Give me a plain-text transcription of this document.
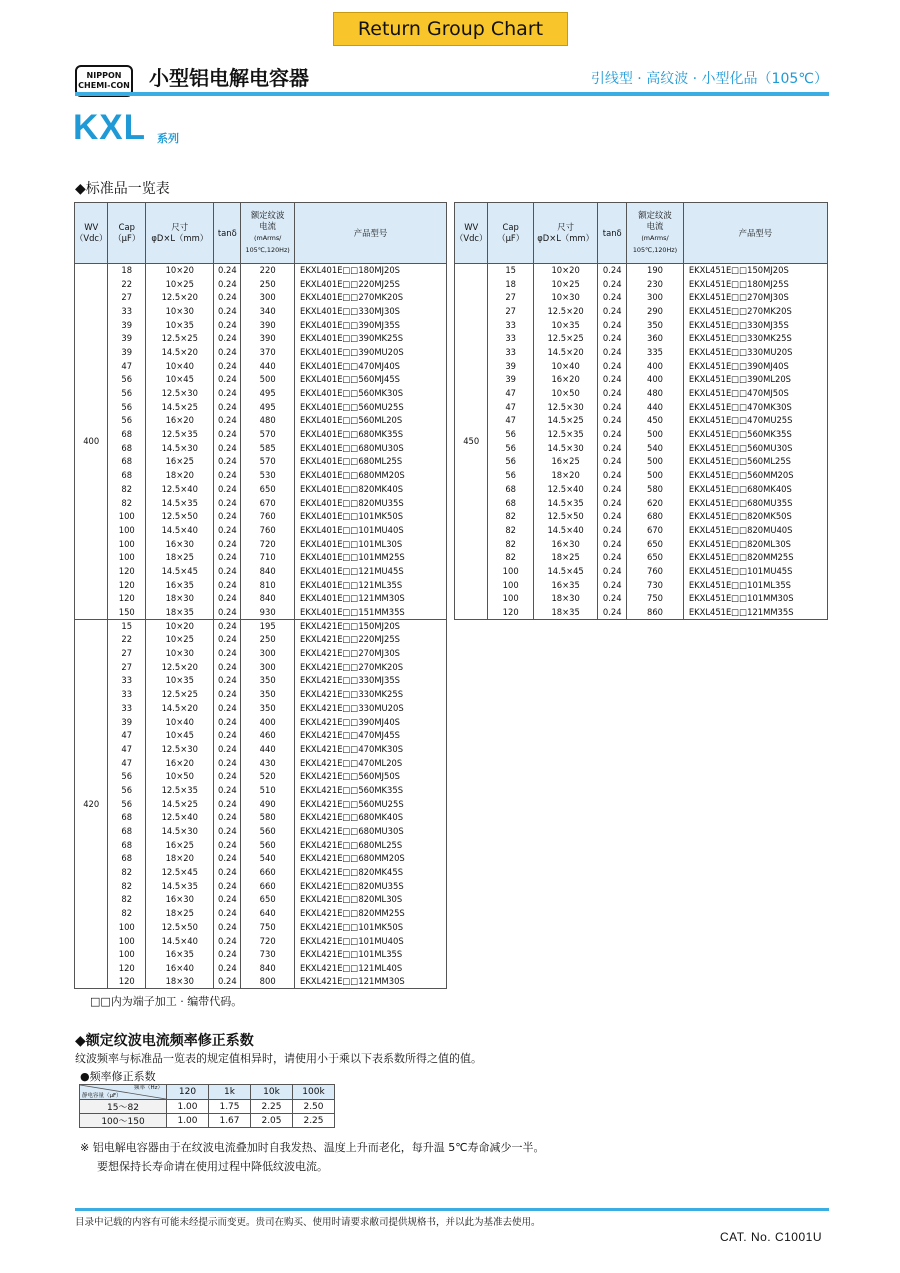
Return Group Chart
NIPPON
CHEMI-CON 小型铝电解电容器	引线型 · 高纹波 · 小型化品（105℃）
KXL 系列
◆标准品一览表
WV
（Vdc）	Cap
（μF）	尺寸
φD×L（mm）	tanδ	额定纹波
电流
(mArms/
105℃,120Hz)	产品型号
400	18	10×20	0.24	220	EKXL401E□□180MJ20S
	22	10×25	0.24	250	EKXL401E□□220MJ25S
	27	12.5×20	0.24	300	EKXL401E□□270MK20S
	33	10×30	0.24	340	EKXL401E□□330MJ30S
	39	10×35	0.24	390	EKXL401E□□390MJ35S
	39	12.5×25	0.24	390	EKXL401E□□390MK25S
	39	14.5×20	0.24	370	EKXL401E□□390MU20S
	47	10×40	0.24	440	EKXL401E□□470MJ40S
	56	10×45	0.24	500	EKXL401E□□560MJ45S
	56	12.5×30	0.24	495	EKXL401E□□560MK30S
	56	14.5×25	0.24	495	EKXL401E□□560MU25S
	56	16×20	0.24	480	EKXL401E□□560ML20S
	68	12.5×35	0.24	570	EKXL401E□□680MK35S
	68	14.5×30	0.24	585	EKXL401E□□680MU30S
	68	16×25	0.24	570	EKXL401E□□680ML25S
	68	18×20	0.24	530	EKXL401E□□680MM20S
	82	12.5×40	0.24	650	EKXL401E□□820MK40S
	82	14.5×35	0.24	670	EKXL401E□□820MU35S
	100	12.5×50	0.24	760	EKXL401E□□101MK50S
	100	14.5×40	0.24	760	EKXL401E□□101MU40S
	100	16×30	0.24	720	EKXL401E□□101ML30S
	100	18×25	0.24	710	EKXL401E□□101MM25S
	120	14.5×45	0.24	840	EKXL401E□□121MU45S
	120	16×35	0.24	810	EKXL401E□□121ML35S
	120	18×30	0.24	840	EKXL401E□□121MM30S
	150	18×35	0.24	930	EKXL401E□□151MM35S
420	15	10×20	0.24	195	EKXL421E□□150MJ20S
	22	10×25	0.24	250	EKXL421E□□220MJ25S
	27	10×30	0.24	300	EKXL421E□□270MJ30S
	27	12.5×20	0.24	300	EKXL421E□□270MK20S
	33	10×35	0.24	350	EKXL421E□□330MJ35S
	33	12.5×25	0.24	350	EKXL421E□□330MK25S
	33	14.5×20	0.24	350	EKXL421E□□330MU20S
	39	10×40	0.24	400	EKXL421E□□390MJ40S
	47	10×45	0.24	460	EKXL421E□□470MJ45S
	47	12.5×30	0.24	440	EKXL421E□□470MK30S
	47	16×20	0.24	430	EKXL421E□□470ML20S
	56	10×50	0.24	520	EKXL421E□□560MJ50S
	56	12.5×35	0.24	510	EKXL421E□□560MK35S
	56	14.5×25	0.24	490	EKXL421E□□560MU25S
	68	12.5×40	0.24	580	EKXL421E□□680MK40S
	68	14.5×30	0.24	560	EKXL421E□□680MU30S
	68	16×25	0.24	560	EKXL421E□□680ML25S
	68	18×20	0.24	540	EKXL421E□□680MM20S
	82	12.5×45	0.24	660	EKXL421E□□820MK45S
	82	14.5×35	0.24	660	EKXL421E□□820MU35S
	82	16×30	0.24	650	EKXL421E□□820ML30S
	82	18×25	0.24	640	EKXL421E□□820MM25S
	100	12.5×50	0.24	750	EKXL421E□□101MK50S
	100	14.5×40	0.24	720	EKXL421E□□101MU40S
	100	16×35	0.24	730	EKXL421E□□101ML35S
	120	16×40	0.24	840	EKXL421E□□121ML40S
	120	18×30	0.24	800	EKXL421E□□121MM30S
WV
（Vdc）	Cap
（μF）	尺寸
φD×L（mm）	tanδ	额定纹波
电流
(mArms/
105℃,120Hz)	产品型号
450	15	10×20	0.24	190	EKXL451E□□150MJ20S
	18	10×25	0.24	230	EKXL451E□□180MJ25S
	27	10×30	0.24	300	EKXL451E□□270MJ30S
	27	12.5×20	0.24	290	EKXL451E□□270MK20S
	33	10×35	0.24	350	EKXL451E□□330MJ35S
	33	12.5×25	0.24	360	EKXL451E□□330MK25S
	33	14.5×20	0.24	335	EKXL451E□□330MU20S
	39	10×40	0.24	400	EKXL451E□□390MJ40S
	39	16×20	0.24	400	EKXL451E□□390ML20S
	47	10×50	0.24	480	EKXL451E□□470MJ50S
	47	12.5×30	0.24	440	EKXL451E□□470MK30S
	47	14.5×25	0.24	450	EKXL451E□□470MU25S
	56	12.5×35	0.24	500	EKXL451E□□560MK35S
	56	14.5×30	0.24	540	EKXL451E□□560MU30S
	56	16×25	0.24	500	EKXL451E□□560ML25S
	56	18×20	0.24	500	EKXL451E□□560MM20S
	68	12.5×40	0.24	580	EKXL451E□□680MK40S
	68	14.5×35	0.24	620	EKXL451E□□680MU35S
	82	12.5×50	0.24	680	EKXL451E□□820MK50S
	82	14.5×40	0.24	670	EKXL451E□□820MU40S
	82	16×30	0.24	650	EKXL451E□□820ML30S
	82	18×25	0.24	650	EKXL451E□□820MM25S
	100	14.5×45	0.24	760	EKXL451E□□101MU45S
	100	16×35	0.24	730	EKXL451E□□101ML35S
	100	18×30	0.24	750	EKXL451E□□101MM30S
	120	18×35	0.24	860	EKXL451E□□121MM35S
□□内为端子加工 · 编带代码。
◆额定纹波电流频率修正系数
纹波频率与标准品一览表的规定值相异时，请使用小于乘以下表系数所得之值的值。
●频率修正系数
频率（Hz）
静电容量（μF）	120	1k	10k	100k
15～82	1.00	1.75	2.25	2.50
100～150	1.00	1.67	2.05	2.25
※ 铝电解电容器由于在纹波电流叠加时自我发热、温度上升而老化，每升温 5℃寿命减少一半。
要想保持长寿命请在使用过程中降低纹波电流。
目录中记载的内容有可能未经提示而变更。贵司在购买、使用时请要求敝司提供规格书，并以此为基准去使用。
CAT. No. C1001U
